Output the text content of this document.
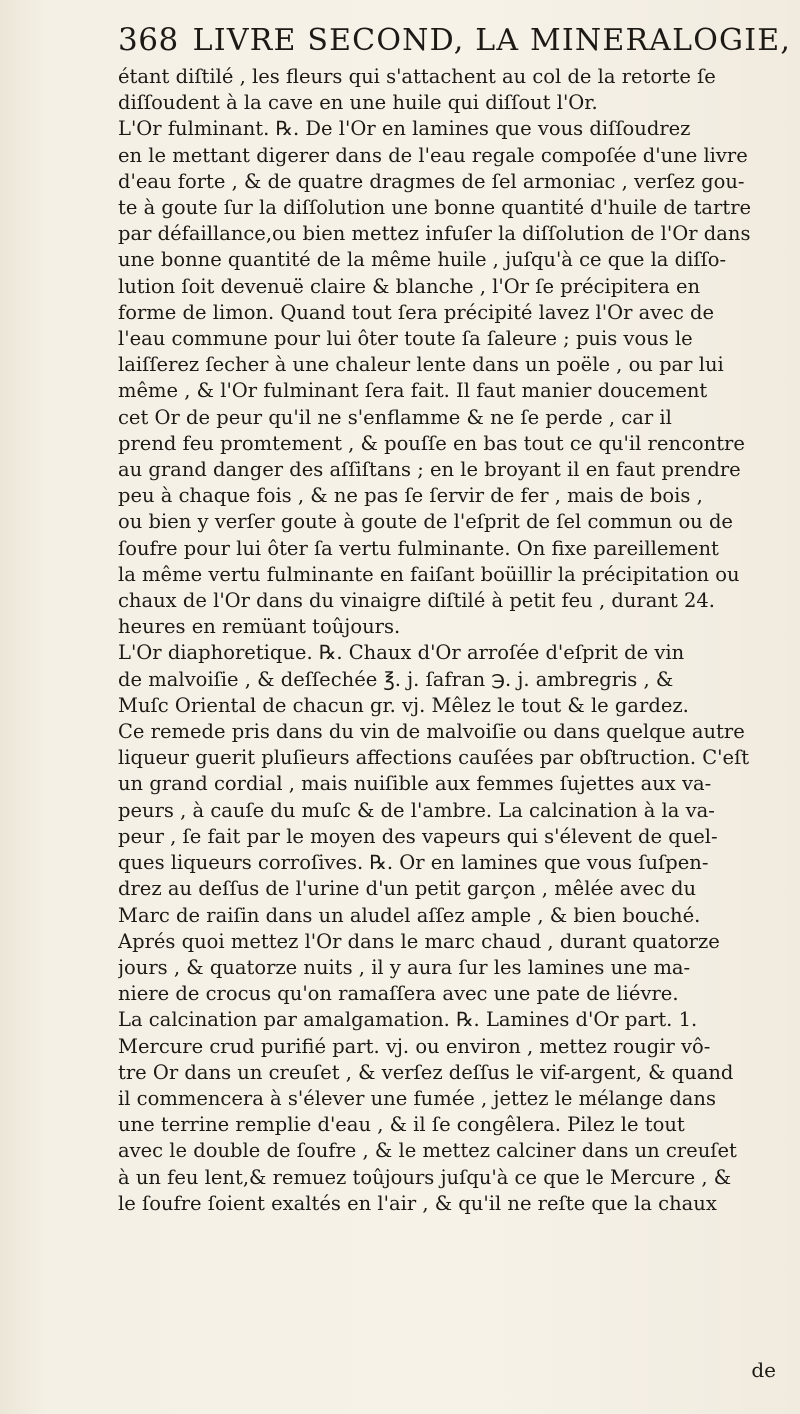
368 LIVRE SECOND, LA MINERALOGIE,
étant diſtilé , les fleurs qui s'attachent au col de la retorte ſe
diſſoudent à la cave en une huile qui diſſout l'Or.
L'Or fulminant. ℞. De l'Or en lamines que vous diſſoudrez
en le mettant digerer dans de l'eau regale compoſée d'une livre
d'eau forte , & de quatre dragmes de ſel armoniac , verſez gou-
te à goute ſur la diſſolution une bonne quantité d'huile de tartre
par défaillance,ou bien mettez infuſer la diſſolution de l'Or dans
une bonne quantité de la même huile , juſqu'à ce que la diſſo-
lution ſoit devenuë claire & blanche , l'Or ſe précipitera en
forme de limon. Quand tout ſera précipité lavez l'Or avec de
l'eau commune pour lui ôter toute ſa ſaleure ; puis vous le
laiſſerez ſecher à une chaleur lente dans un poële , ou par lui
même , & l'Or fulminant ſera fait. Il faut manier doucement
cet Or de peur qu'il ne s'enflamme & ne ſe perde , car il
prend feu promtement , & pouſſe en bas tout ce qu'il rencontre
au grand danger des aſſiſtans ; en le broyant il en faut prendre
peu à chaque fois , & ne pas ſe ſervir de fer , mais de bois ,
ou bien y verſer goute à goute de l'eſprit de ſel commun ou de
ſoufre pour lui ôter ſa vertu fulminante. On fixe pareillement
la même vertu fulminante en faiſant boüillir la précipitation ou
chaux de l'Or dans du vinaigre diſtilé à petit feu , durant 24.
heures en remüant toûjours.
L'Or diaphoretique. ℞. Chaux d'Or arroſée d'eſprit de vin
de malvoiſie , & deſſechée ℥. j. ſafran ℈. j. ambregris , &
Muſc Oriental de chacun gr. vj. Mêlez le tout & le gardez.
Ce remede pris dans du vin de malvoiſie ou dans quelque autre
liqueur guerit pluſieurs affections cauſées par obſtruction. C'eſt
un grand cordial , mais nuiſible aux femmes ſujettes aux va-
peurs , à cauſe du muſc & de l'ambre. La calcination à la va-
peur , ſe fait par le moyen des vapeurs qui s'élevent de quel-
ques liqueurs corroſives. ℞. Or en lamines que vous ſuſpen-
drez au deſſus de l'urine d'un petit garçon , mêlée avec du
Marc de raiſin dans un aludel aſſez ample , & bien bouché.
Aprés quoi mettez l'Or dans le marc chaud , durant quatorze
jours , & quatorze nuits , il y aura ſur les lamines une ma-
niere de crocus qu'on ramaſſera avec une pate de liévre.
La calcination par amalgamation. ℞. Lamines d'Or part. 1.
Mercure crud purifié part. vj. ou environ , mettez rougir vô-
tre Or dans un creuſet , & verſez deſſus le vif-argent, & quand
il commencera à s'élever une fumée , jettez le mélange dans
une terrine remplie d'eau , & il ſe congêlera. Pilez le tout
avec le double de ſoufre , & le mettez calciner dans un creuſet
à un feu lent,& remuez toûjours juſqu'à ce que le Mercure , &
le ſoufre ſoient exaltés en l'air , & qu'il ne reſte que la chaux
de
